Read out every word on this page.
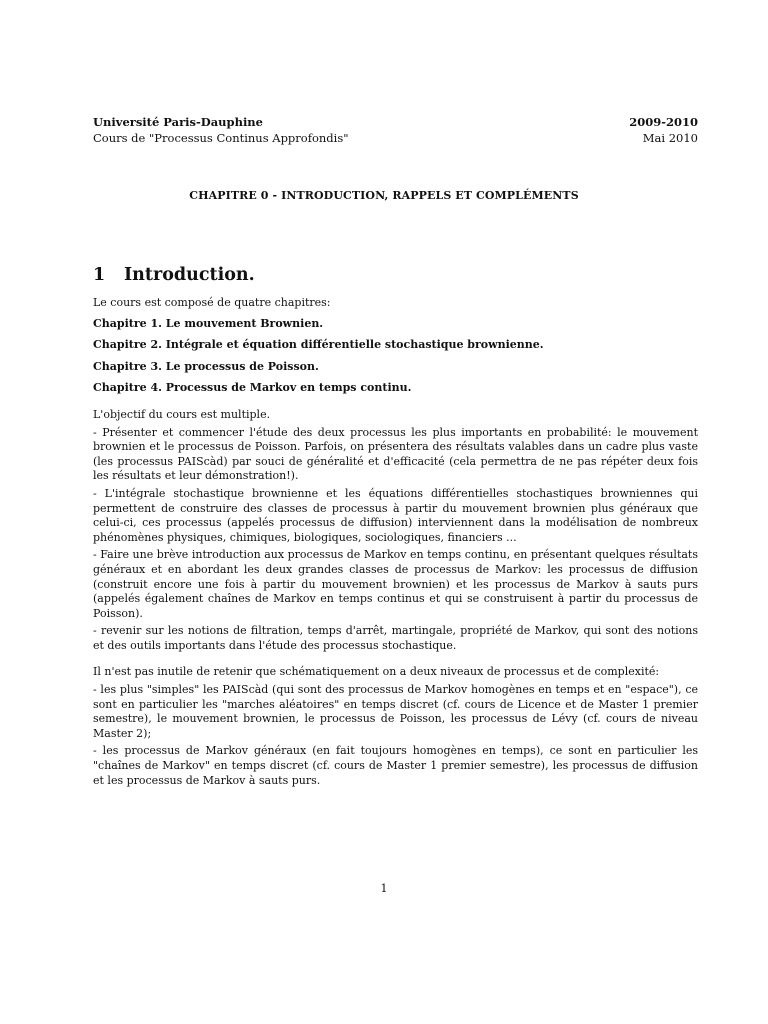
Université Paris-Dauphine	2009-2010
Cours de "Processus Continus Approfondis"	Mai 2010
CHAPITRE 0 - INTRODUCTION, RAPPELS ET COMPLÉMENTS
1 Introduction.

Le cours est composé de quatre chapitres:

Chapitre 1. Le mouvement Brownien.

Chapitre 2. Intégrale et équation différentielle stochastique brownienne.

Chapitre 3. Le processus de Poisson.

Chapitre 4. Processus de Markov en temps continu.

L'objectif du cours est multiple.

- Présenter et commencer l'étude des deux processus les plus importants en probabilité: le mouvement brownien et le processus de Poisson. Parfois, on présentera des résultats valables dans un cadre plus vaste (les processus PAIScàd) par souci de généralité et d'efficacité (cela permettra de ne pas répéter deux fois les résultats et leur démonstration!).

- L'intégrale stochastique brownienne et les équations différentielles stochastiques browniennes qui permettent de construire des classes de processus à partir du mouvement brownien plus généraux que celui-ci, ces processus (appelés processus de diffusion) interviennent dans la modélisation de nombreux phénomènes physiques, chimiques, biologiques, sociologiques, financiers ...

- Faire une brève introduction aux processus de Markov en temps continu, en présentant quelques résultats généraux et en abordant les deux grandes classes de processus de Markov: les processus de diffusion (construit encore une fois à partir du mouvement brownien) et les processus de Markov à sauts purs (appelés également chaînes de Markov en temps continus et qui se construisent à partir du processus de Poisson).

- revenir sur les notions de filtration, temps d'arrêt, martingale, propriété de Markov, qui sont des notions et des outils importants dans l'étude des processus stochastique.

Il n'est pas inutile de retenir que schématiquement on a deux niveaux de processus et de complexité:

- les plus "simples" les PAIScàd (qui sont des processus de Markov homogènes en temps et en "espace"), ce sont en particulier les "marches aléatoires" en temps discret (cf. cours de Licence et de Master 1 premier semestre), le mouvement brownien, le processus de Poisson, les processus de Lévy (cf. cours de niveau Master 2);

- les processus de Markov généraux (en fait toujours homogènes en temps), ce sont en particulier les "chaînes de Markov" en temps discret (cf. cours de Master 1 premier semestre), les processus de diffusion et les processus de Markov à sauts purs.

1
